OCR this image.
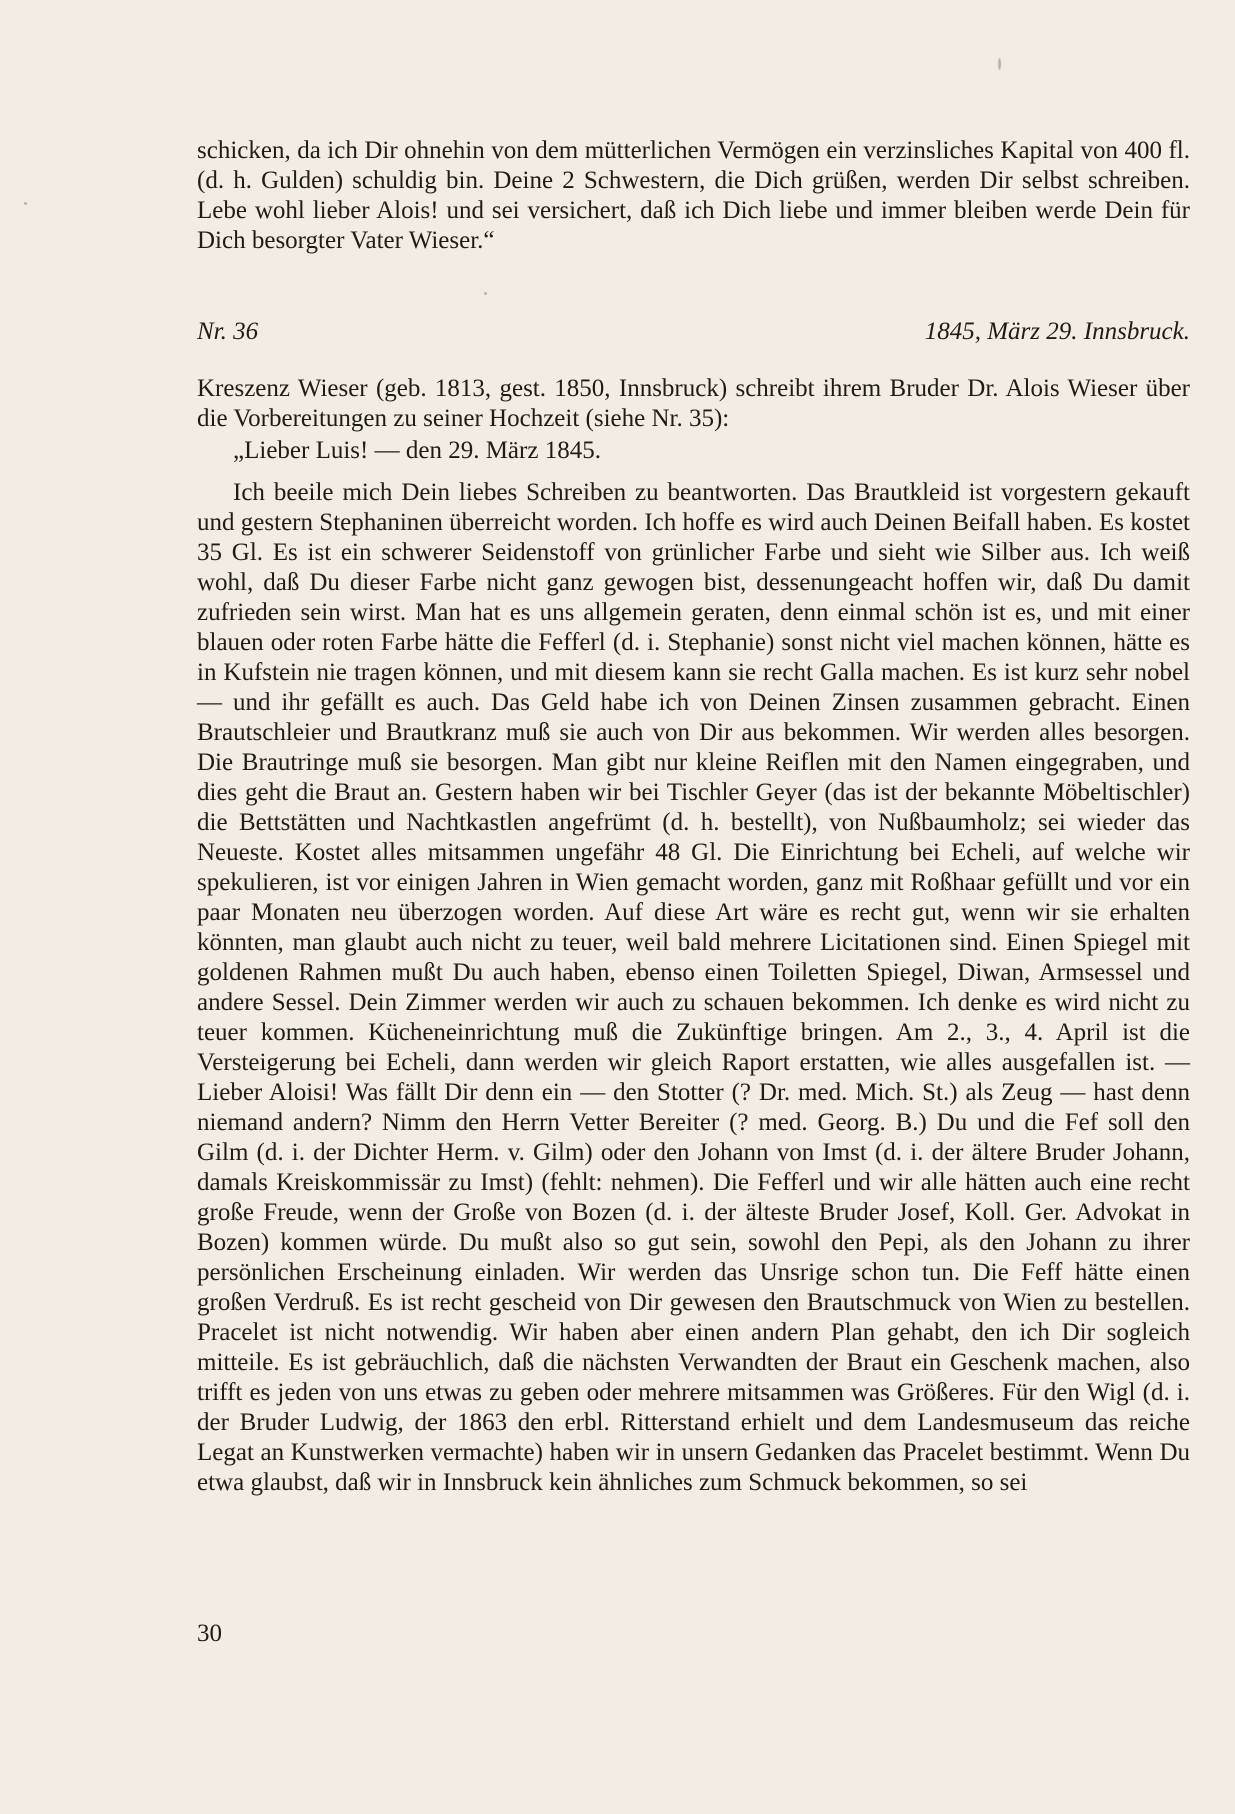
schicken, da ich Dir ohnehin von dem mütterlichen Vermögen ein verzinsliches Kapital von 400 fl. (d. h. Gulden) schuldig bin. Deine 2 Schwestern, die Dich grüßen, werden Dir selbst schreiben. Lebe wohl lieber Alois! und sei versichert, daß ich Dich liebe und immer bleiben werde Dein für Dich besorgter Vater Wieser.“

Nr. 36	1845, März 29. Innsbruck.

Kreszenz Wieser (geb. 1813, gest. 1850, Innsbruck) schreibt ihrem Bruder Dr. Alois Wieser über die Vorbereitungen zu seiner Hochzeit (siehe Nr. 35):

„Lieber Luis! — den 29. März 1845.

Ich beeile mich Dein liebes Schreiben zu beantworten. Das Brautkleid ist vorgestern gekauft und gestern Stephaninen überreicht worden. Ich hoffe es wird auch Deinen Beifall haben. Es kostet 35 Gl. Es ist ein schwerer Seidenstoff von grünlicher Farbe und sieht wie Silber aus. Ich weiß wohl, daß Du dieser Farbe nicht ganz gewogen bist, dessenungeacht hoffen wir, daß Du damit zufrieden sein wirst. Man hat es uns allgemein geraten, denn einmal schön ist es, und mit einer blauen oder roten Farbe hätte die Fefferl (d. i. Stephanie) sonst nicht viel machen können, hätte es in Kufstein nie tragen können, und mit diesem kann sie recht Galla machen. Es ist kurz sehr nobel — und ihr gefällt es auch. Das Geld habe ich von Deinen Zinsen zusammen gebracht. Einen Brautschleier und Brautkranz muß sie auch von Dir aus bekommen. Wir werden alles besorgen. Die Brautringe muß sie besorgen. Man gibt nur kleine Reiflen mit den Namen eingegraben, und dies geht die Braut an. Gestern haben wir bei Tischler Geyer (das ist der bekannte Möbeltischler) die Bettstätten und Nachtkastlen angefrümt (d. h. bestellt), von Nußbaumholz; sei wieder das Neueste. Kostet alles mitsammen ungefähr 48 Gl. Die Einrichtung bei Echeli, auf welche wir spekulieren, ist vor einigen Jahren in Wien gemacht worden, ganz mit Roßhaar gefüllt und vor ein paar Monaten neu überzogen worden. Auf diese Art wäre es recht gut, wenn wir sie erhalten könnten, man glaubt auch nicht zu teuer, weil bald mehrere Licitationen sind. Einen Spiegel mit goldenen Rahmen mußt Du auch haben, ebenso einen Toiletten Spiegel, Diwan, Armsessel und andere Sessel. Dein Zimmer werden wir auch zu schauen bekommen. Ich denke es wird nicht zu teuer kommen. Kücheneinrichtung muß die Zukünftige bringen. Am 2., 3., 4. April ist die Versteigerung bei Echeli, dann werden wir gleich Raport erstatten, wie alles ausgefallen ist. — Lieber Aloisi! Was fällt Dir denn ein — den Stotter (? Dr. med. Mich. St.) als Zeug — hast denn niemand andern? Nimm den Herrn Vetter Bereiter (? med. Georg. B.) Du und die Fef soll den Gilm (d. i. der Dichter Herm. v. Gilm) oder den Johann von Imst (d. i. der ältere Bruder Johann, damals Kreiskommissär zu Imst) (fehlt: nehmen). Die Fefferl und wir alle hätten auch eine recht große Freude, wenn der Große von Bozen (d. i. der älteste Bruder Josef, Koll. Ger. Advokat in Bozen) kommen würde. Du mußt also so gut sein, sowohl den Pepi, als den Johann zu ihrer persönlichen Erscheinung einladen. Wir werden das Unsrige schon tun. Die Feff hätte einen großen Verdruß. Es ist recht gescheid von Dir gewesen den Brautschmuck von Wien zu bestellen. Pracelet ist nicht notwendig. Wir haben aber einen andern Plan gehabt, den ich Dir sogleich mitteile. Es ist gebräuchlich, daß die nächsten Verwandten der Braut ein Geschenk machen, also trifft es jeden von uns etwas zu geben oder mehrere mitsammen was Größeres. Für den Wigl (d. i. der Bruder Ludwig, der 1863 den erbl. Ritterstand erhielt und dem Landesmuseum das reiche Legat an Kunstwerken vermachte) haben wir in unsern Gedanken das Pracelet bestimmt. Wenn Du etwa glaubst, daß wir in Innsbruck kein ähnliches zum Schmuck bekommen, so sei

30
